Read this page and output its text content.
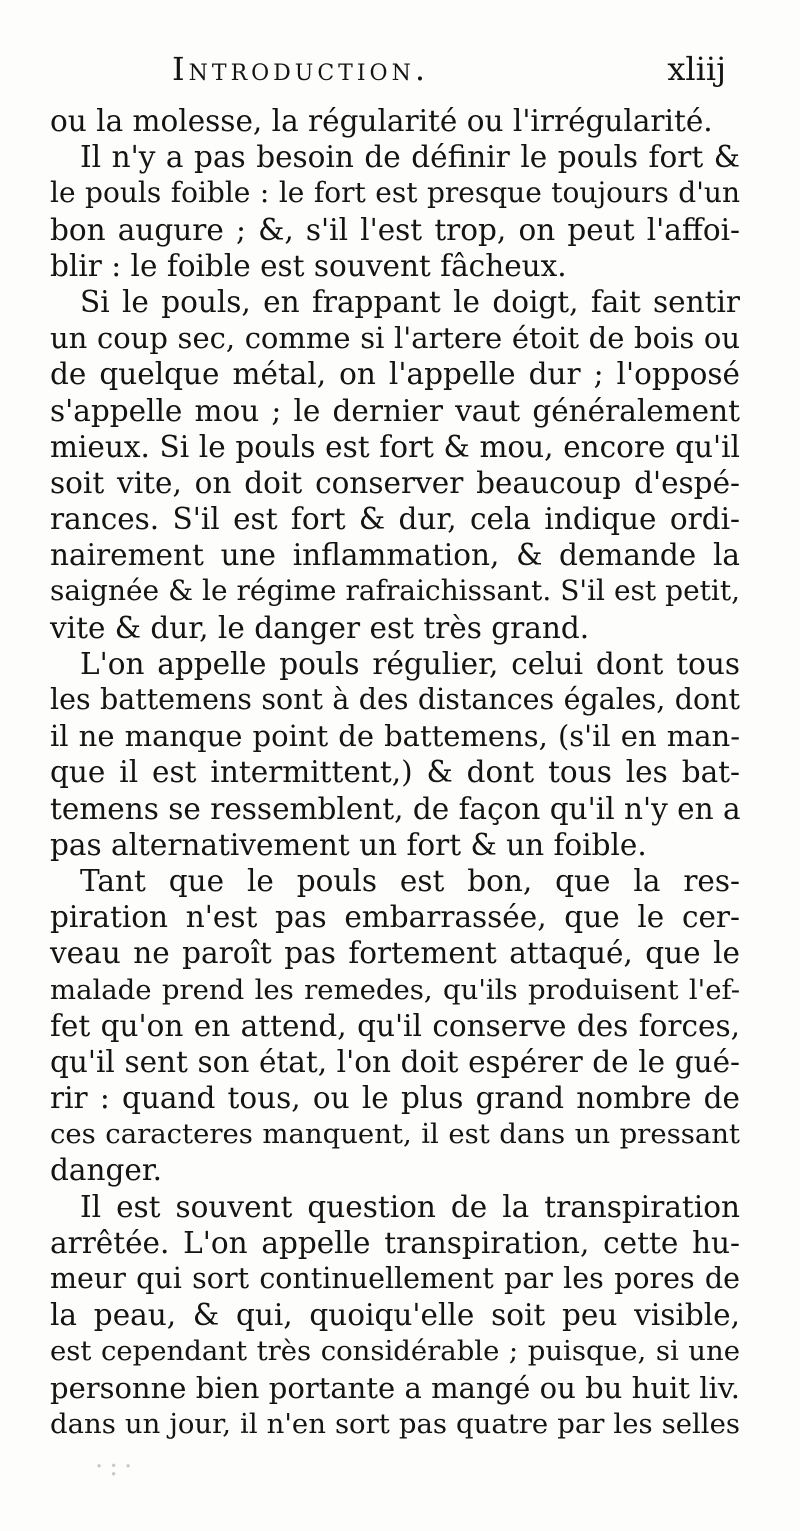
Introduction.	xliij
ou la molesse, la régularité ou l'irrégularité.
Il n'y a pas besoin de définir le pouls fort &
le pouls foible : le fort est presque toujours d'un
bon augure ; &, s'il l'est trop, on peut l'affoi-
blir : le foible est souvent fâcheux.
Si le pouls, en frappant le doigt, fait sentir
un coup sec, comme si l'artere étoit de bois ou
de quelque métal, on l'appelle dur ; l'opposé
s'appelle mou ; le dernier vaut généralement
mieux. Si le pouls est fort & mou, encore qu'il
soit vite, on doit conserver beaucoup d'espé-
rances. S'il est fort & dur, cela indique ordi-
nairement une inflammation, & demande la
saignée & le régime rafraichissant. S'il est petit,
vite & dur, le danger est très grand.
L'on appelle pouls régulier, celui dont tous
les battemens sont à des distances égales, dont
il ne manque point de battemens, (s'il en man-
que il est intermittent,) & dont tous les bat-
temens se ressemblent, de façon qu'il n'y en a
pas alternativement un fort & un foible.
Tant que le pouls est bon, que la res-
piration n'est pas embarrassée, que le cer-
veau ne paroît pas fortement attaqué, que le
malade prend les remedes, qu'ils produisent l'ef-
fet qu'on en attend, qu'il conserve des forces,
qu'il sent son état, l'on doit espérer de le gué-
rir : quand tous, ou le plus grand nombre de
ces caracteres manquent, il est dans un pressant
danger.
Il est souvent question de la transpiration
arrêtée. L'on appelle transpiration, cette hu-
meur qui sort continuellement par les pores de
la peau, & qui, quoiqu'elle soit peu visible,
est cependant très considérable ; puisque, si une
personne bien portante a mangé ou bu huit liv.
dans un jour, il n'en sort pas quatre par les selles
·:·
